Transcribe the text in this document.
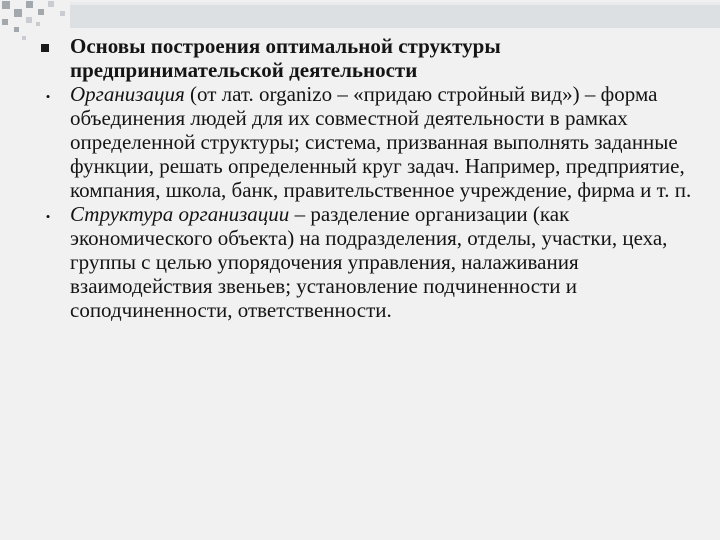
Основы построения оптимальной структуры предпринимательской деятельности
• Организация (от лат. organizo – «придаю стройный вид») – форма объединения людей для их совместной деятельности в рамках определенной структуры; система, призванная выполнять заданные функции, решать определенный круг задач. Например, предприятие, компания, школа, банк, правительственное учреждение, фирма и т. п.
• Структура организации – разделение организации (как экономического объекта) на подразделения, отделы, участки, цеха, группы с целью упорядочения управления, налаживания взаимодействия звеньев; установление подчиненности и соподчиненности, ответственности.
